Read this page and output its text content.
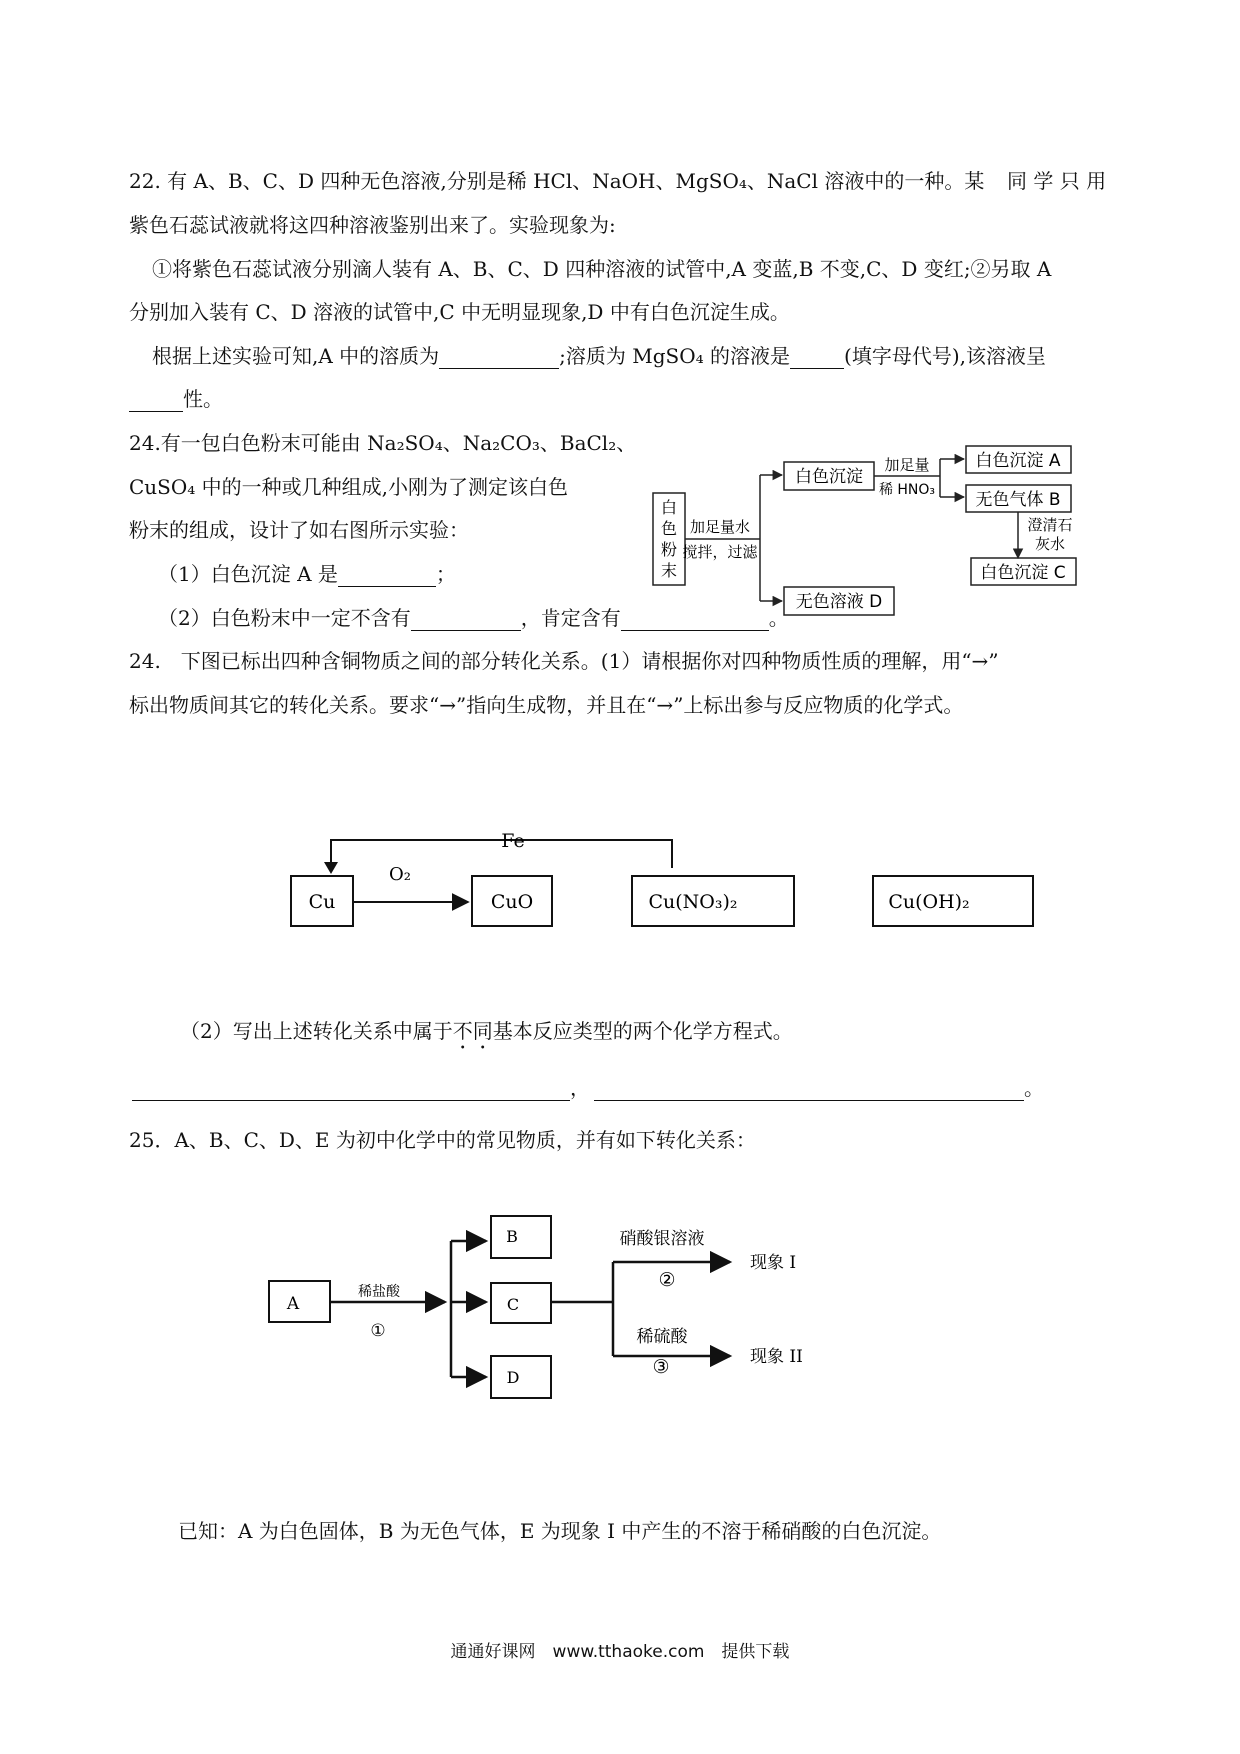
22. 有 A、B、C、D 四种无色溶液,分别是稀 HCl、NaOH、MgSO₄、NaCl 溶液中的一种。某 同 学 只 用
紫色石蕊试液就将这四种溶液鉴别出来了。实验现象为:
①将紫色石蕊试液分别滴人装有 A、B、C、D 四种溶液的试管中,A 变蓝,B 不变,C、D 变红;②另取 A
分别加入装有 C、D 溶液的试管中,C 中无明显现象,D 中有白色沉淀生成。
根据上述实验可知,A 中的溶质为	;溶质为 MgSO₄ 的溶液是	(填字母代号),该溶液呈
性。
24.有一包白色粉末可能由 Na₂SO₄、Na₂CO₃、BaCl₂、
CuSO₄ 中的一种或几种组成,小刚为了测定该白色
粉末的组成，设计了如右图所示实验：
（1）白色沉淀 A 是	；
（2）白色粉末中一定不含有	，肯定含有	。
白
色
粉
末
加足量水
搅拌，过滤
白色沉淀
加足量
稀 HNO₃
白色沉淀 A
无色气体 B
澄清石
灰水
白色沉淀 C
无色溶液 D
24.　下图已标出四种含铜物质之间的部分转化关系。(1）请根据你对四种物质性质的理解，用“→”
标出物质间其它的转化关系。要求“→”指向生成物，并且在“→”上标出参与反应物质的化学式。
Fe
Cu
O₂
CuO	Cu(NO₃)₂	Cu(OH)₂
（2）写出上述转化关系中属于不同基本反应类型的两个化学方程式。
，	。
25．A、B、C、D、E 为初中化学中的常见物质，并有如下转化关系：
A
稀盐酸
①
B
C
D
硝酸银溶液
②
现象 I
稀硫酸
③	现象 II
已知：A 为白色固体，B 为无色气体，E 为现象 I 中产生的不溶于稀硝酸的白色沉淀。
通通好课网　www.tthaoke.com　提供下载
